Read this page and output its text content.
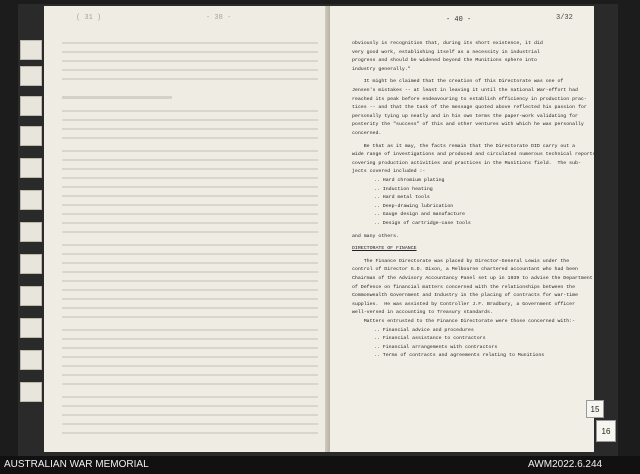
( 31 )	- 38 -	- 40 -	3/32
obviously is recognition that, during its short existence, it did
very good work, establishing itself as a necessity in industrial
progress and should be widened beyond the Munitions sphere into
industry generally."
It might be claimed that the creation of this Directorate was one of
Jensen's mistakes -- at least in leaving it until the national War-effort had
reached its peak before endeavouring to establish efficiency in production prac-
tices -- and that the task of the message quoted above reflected his passion for
personally tying up neatly and in his own terms the paper-work validating for
posterity the "success" of this and other ventures with which he was personally
concerned.
Be that as it may, the facts remain that the Directorate DID carry out a
wide range of investigations and produced and circulated numerous technical reports
covering production activities and practices in the Munitions field.  The sub-
jects covered included :-
.. Hard chromium plating
.. Induction heating
.. Hard metal tools
.. Deep-drawing lubrication
.. Gauge design and manufacture
.. Design of cartridge-case tools
and many others.
DIRECTORATE OF FINANCE
The Finance Directorate was placed by Director-General Lewis under the
control of Director G.D. Dixon, a Melbourne chartered accountant who had been
Chairman of the Advisory Accountancy Panel set up in 1939 to advise the Department
of Defence on financial matters concerned with the relationships between the
Commonwealth Government and Industry in the placing of contracts for war-time
supplies.  He was assisted by Controller J.F. Bradbury, a Government officer
well-versed in accounting to Treasury standards.
Matters entrusted to the Finance Directorate were those concerned with:-
.. Financial advice and procedures
.. Financial assistance to contractors
.. Financial arrangements with contractors
.. Terms of contracts and agreements relating to Munitions
15
16
AUSTRALIAN WAR MEMORIAL	AWM2022.6.244
